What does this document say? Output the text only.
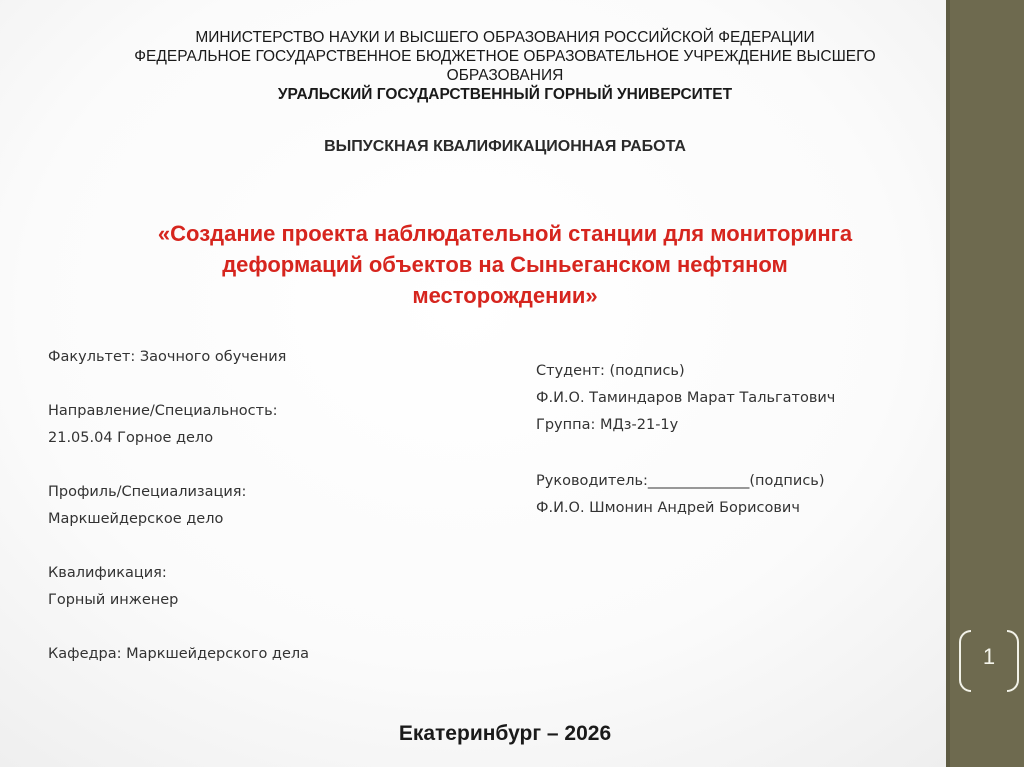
1
МИНИСТЕРСТВО НАУКИ И ВЫСШЕГО ОБРАЗОВАНИЯ РОССИЙСКОЙ ФЕДЕРАЦИИ
ФЕДЕРАЛЬНОЕ ГОСУДАРСТВЕННОЕ БЮДЖЕТНОЕ ОБРАЗОВАТЕЛЬНОЕ УЧРЕЖДЕНИЕ ВЫСШЕГО
ОБРАЗОВАНИЯ
УРАЛЬСКИЙ ГОСУДАРСТВЕННЫЙ ГОРНЫЙ УНИВЕРСИТЕТ
ВЫПУСКНАЯ КВАЛИФИКАЦИОННАЯ РАБОТА
«Создание проекта наблюдательной станции для мониторинга
деформаций объектов на Сыньеганском нефтяном
месторождении»
Факультет: Заочного обучения
Направление/Специальность:
21.05.04 Горное дело
Профиль/Специализация:
Маркшейдерское дело
Квалификация:
Горный инженер
Кафедра: Маркшейдерского дела
Студент: (подпись)
Ф.И.О. Таминдаров Марат Тальгатович
Группа: МДз-21-1у
Руководитель:______________(подпись)
Ф.И.О. Шмонин Андрей Борисович
Екатеринбург – 2026
